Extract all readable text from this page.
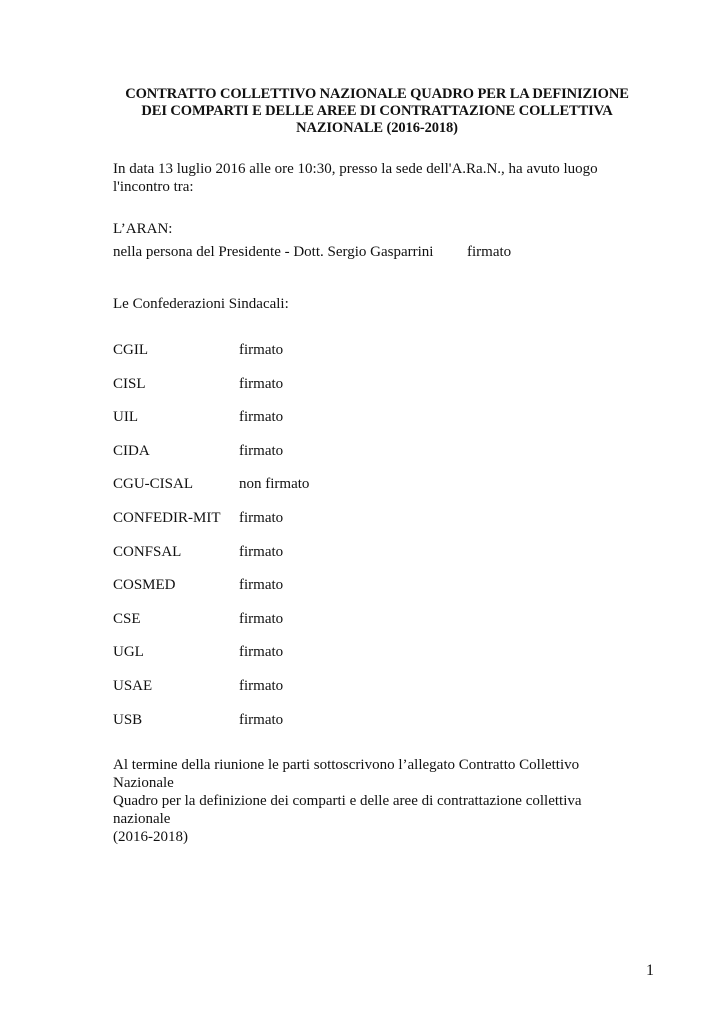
CONTRATTO COLLETTIVO NAZIONALE QUADRO PER LA DEFINIZIONE
DEI COMPARTI E DELLE AREE DI CONTRATTAZIONE COLLETTIVA
NAZIONALE (2016-2018)
In data 13 luglio 2016 alle ore 10:30, presso la sede dell'A.Ra.N., ha avuto luogo
l'incontro tra:
L’ARAN:
nella persona del Presidente - Dott. Sergio Gasparrini firmato
Le Confederazioni Sindacali:
CGIL	firmato
CISL	firmato
UIL	firmato
CIDA	firmato
CGU-CISAL	non firmato
CONFEDIR-MIT firmato
CONFSAL	firmato
COSMED	firmato
CSE	firmato
UGL	firmato
USAE	firmato
USB	firmato
Al termine della riunione le parti sottoscrivono l’allegato Contratto Collettivo Nazionale
Quadro per la definizione dei comparti e delle aree di contrattazione collettiva nazionale
(2016-2018)
1
